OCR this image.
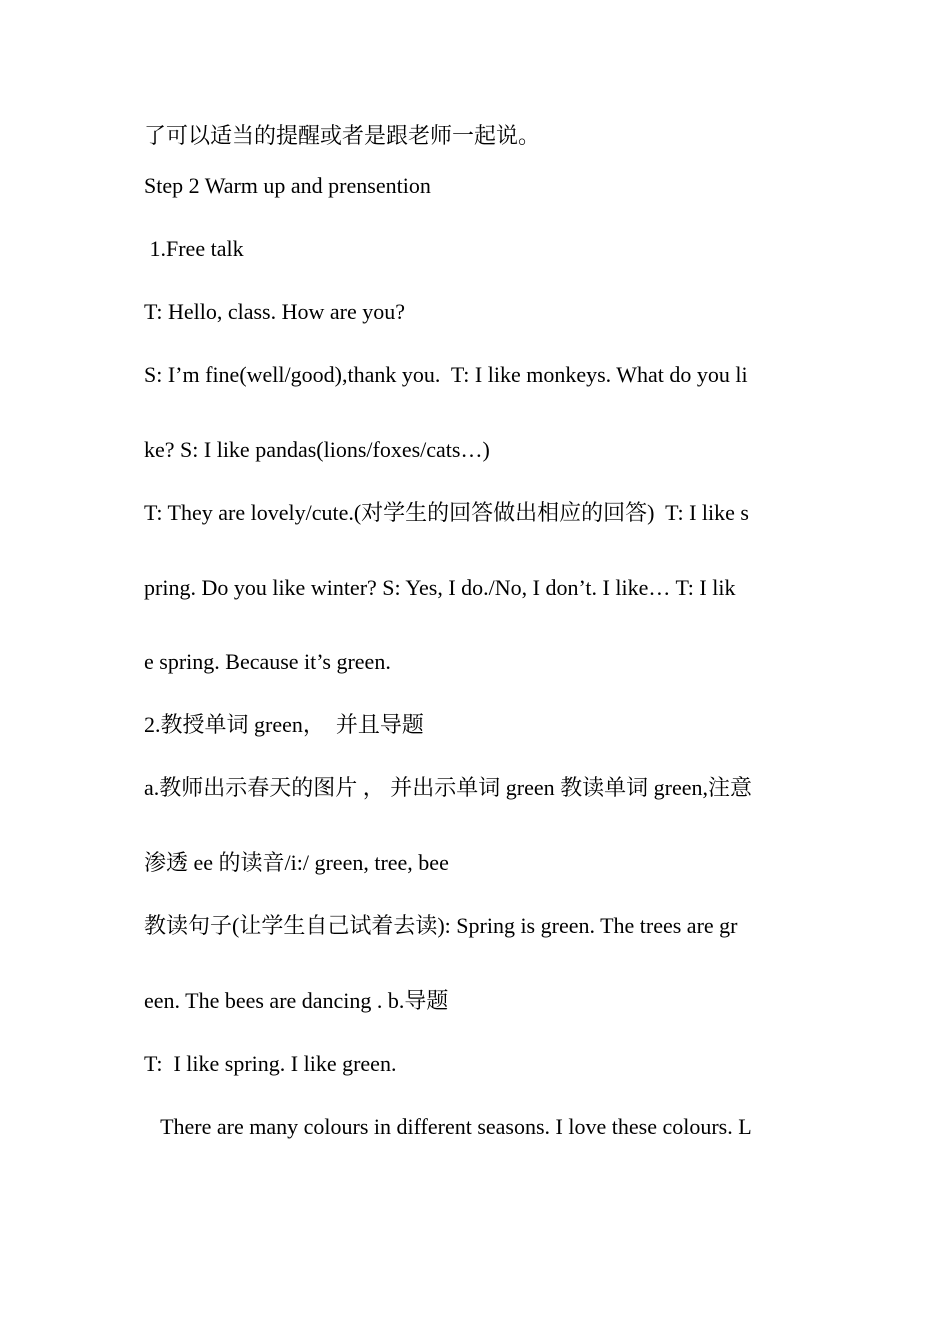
了可以适当的提醒或者是跟老师一起说。
Step 2 Warm up and prensention
1.Free talk
T: Hello, class. How are you?
S: I’m fine(well/good),thank you.  T: I like monkeys. What do you li
ke? S: I like pandas(lions/foxes/cats…)
T: They are lovely/cute.(对学生的回答做出相应的回答)  T: I like s
pring. Do you like winter? S: Yes, I do./No, I don’t. I like… T: I lik
e spring. Because it’s green.
2.教授单词 green，  并且导题
a.教师出示春天的图片 ， 并出示单词 green 教读单词 green,注意
渗透 ee 的读音/i:/ green, tree, bee
教读句子(让学生自己试着去读): Spring is green. The trees are gr
een. The bees are dancing . b.导题
T:  I like spring. I like green.
There are many colours in different seasons. I love these colours. L
